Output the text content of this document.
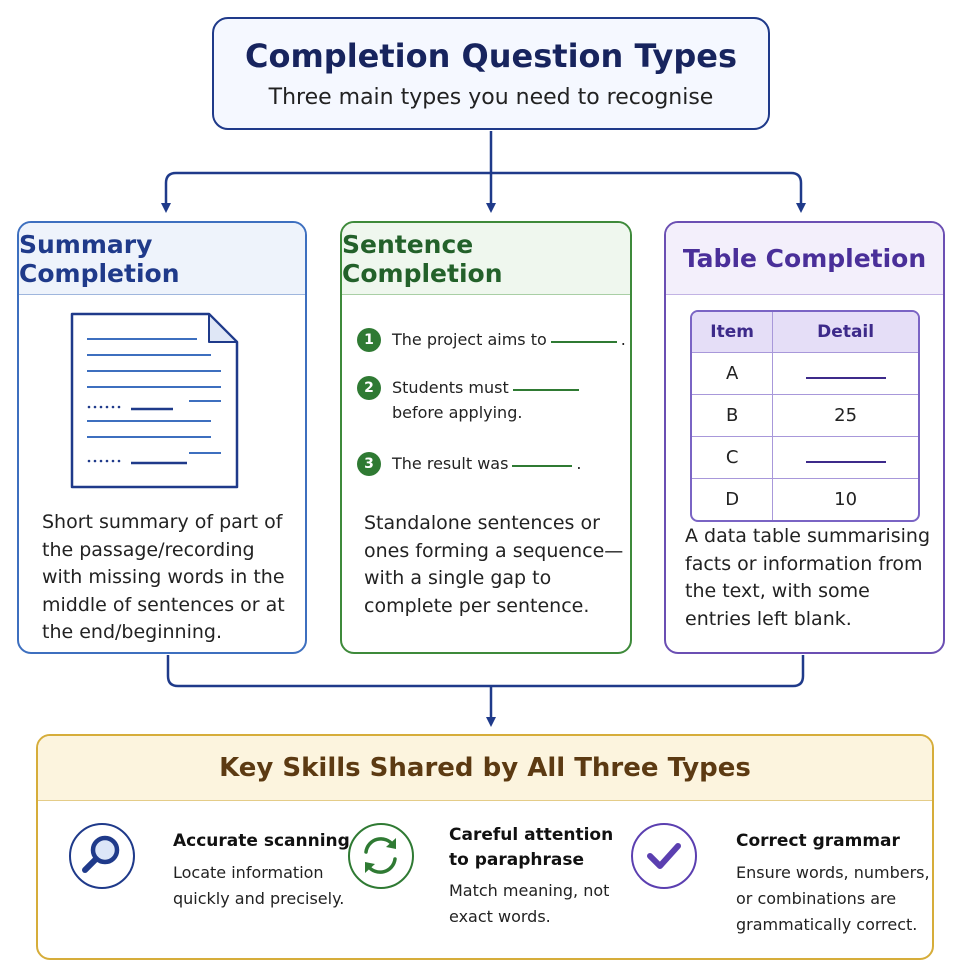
Completion Question Types
Three main types you need to recognise
Summary Completion
Short summary of part of
the passage/recording
with missing words in the
middle of sentences or at
the end/beginning.
Sentence Completion
1	The project aims to	.
2	Students must
before applying.
3	The result was	.
Standalone sentences or
ones forming a sequence—
with a single gap to
complete per sentence.
Table Completion
Item	Detail
A	
B	25
C	
D	10
A data table summarising
facts or information from
the text, with some
entries left blank.
Key Skills Shared by All Three Types
Accurate scanning
Locate information
quickly and precisely.
Careful attention
to paraphrase
Match meaning, not
exact words.
Correct grammar
Ensure words, numbers,
or combinations are
grammatically correct.
